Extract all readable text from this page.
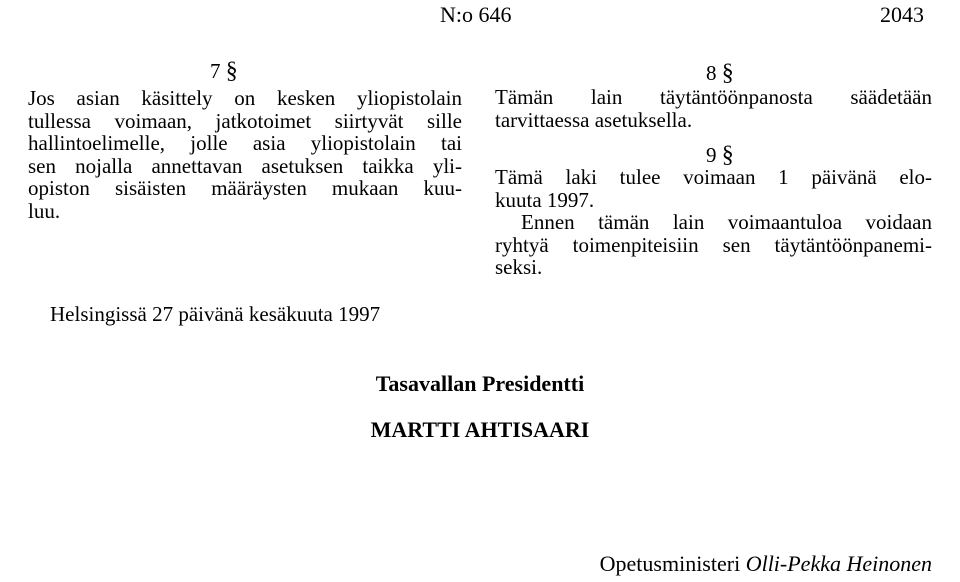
N:o 646	2043
7 §
Jos asian käsittely on kesken yliopistolain
tullessa voimaan, jatkotoimet siirtyvät sille
hallintoelimelle, jolle asia yliopistolain tai
sen nojalla annettavan asetuksen taikka yli-
opiston sisäisten määräysten mukaan kuu-
luu.
Helsingissä 27 päivänä kesäkuuta 1997
8 §
Tämän lain täytäntöönpanosta säädetään
tarvittaessa asetuksella.
9 §
Tämä laki tulee voimaan 1 päivänä elo-
kuuta 1997.
Ennen tämän lain voimaantuloa voidaan
ryhtyä toimenpiteisiin sen täytäntöönpanemi-
seksi.
Tasavallan Presidentti
MARTTI AHTISAARI
Opetusministeri Olli-Pekka Heinonen
